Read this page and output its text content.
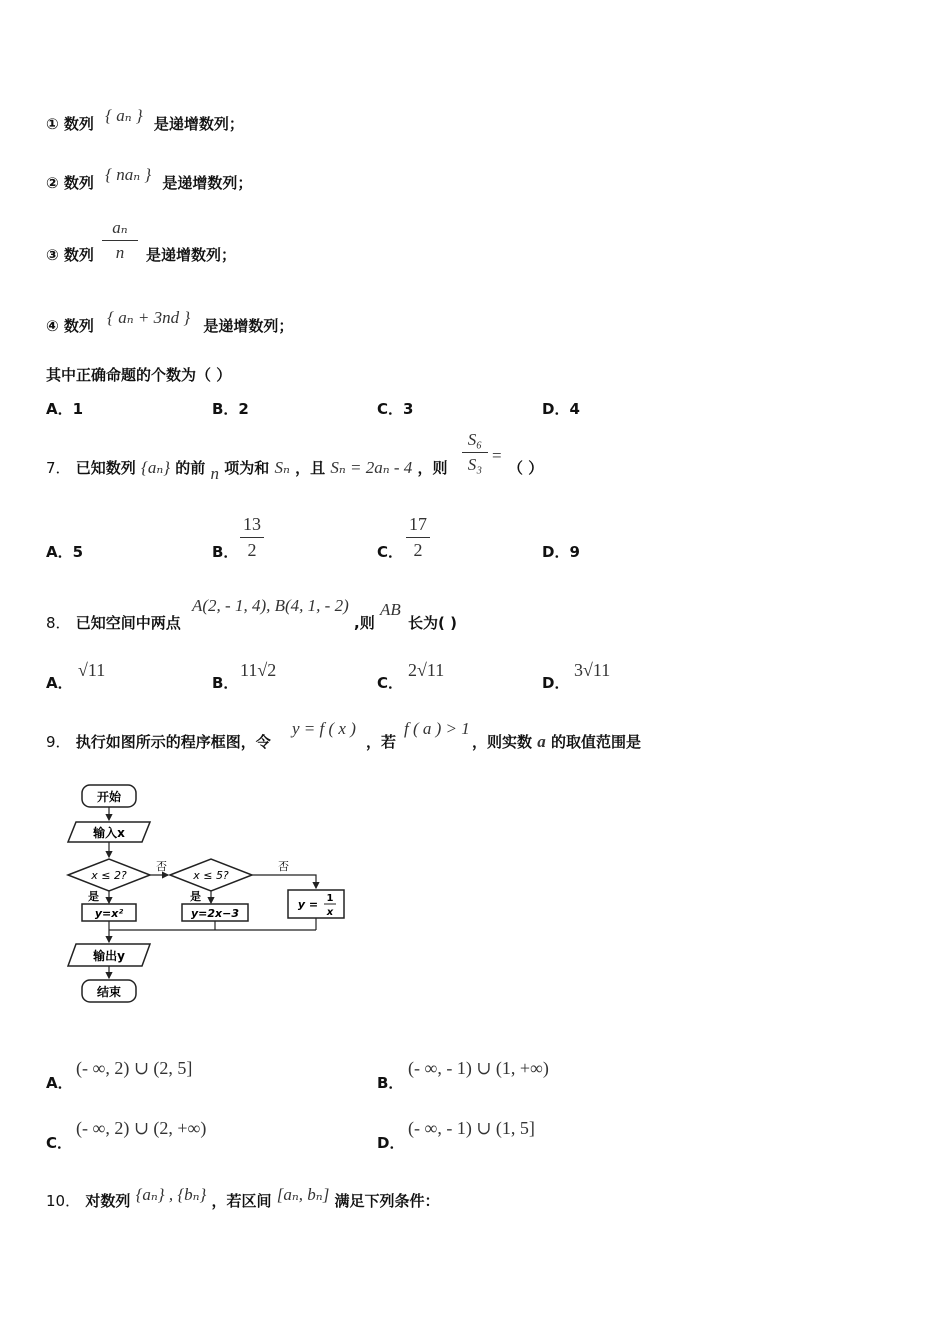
① 数列 { aₙ } 是递增数列；
② 数列 { naₙ } 是递增数列；
③ 数列
aₙ
n	是递增数列；
④ 数列 { aₙ + 3nd } 是递增数列；
其中正确命题的个数为（ ）
A．1	B．2	C．3	D．4
7． 已知数列 {aₙ} 的前 n 项为和 Sₙ ，且 Sₙ = 2aₙ - 4 ，则
S₆
S₃ =
（ ）
A．5	B．
13
2	C．
17
2	D．9
8． 已知空间中两点
A(2, - 1, 4), B(4, 1, - 2)
,则
AB
长为( )
A．
√11
B．
11√2
C．
2√11
D．
3√11
9． 执行如图所示的程序框图，令
y = f ( x )
，若
f ( a ) > 1
，则实数 a 的取值范围是
开始
输入x
x ≤ 2?
否
x ≤ 5?
否
是
y=x²
是
y=2x−3
y = 1
x
输出y
结束
A．
(- ∞, 2) ∪ (2, 5]
B．
(- ∞, - 1) ∪ (1, +∞)
C．
(- ∞, 2) ∪ (2, +∞)
D．
(- ∞, - 1) ∪ (1, 5]
10． 对数列 {aₙ} , {bₙ} ，若区间 [aₙ, bₙ] 满足下列条件：
